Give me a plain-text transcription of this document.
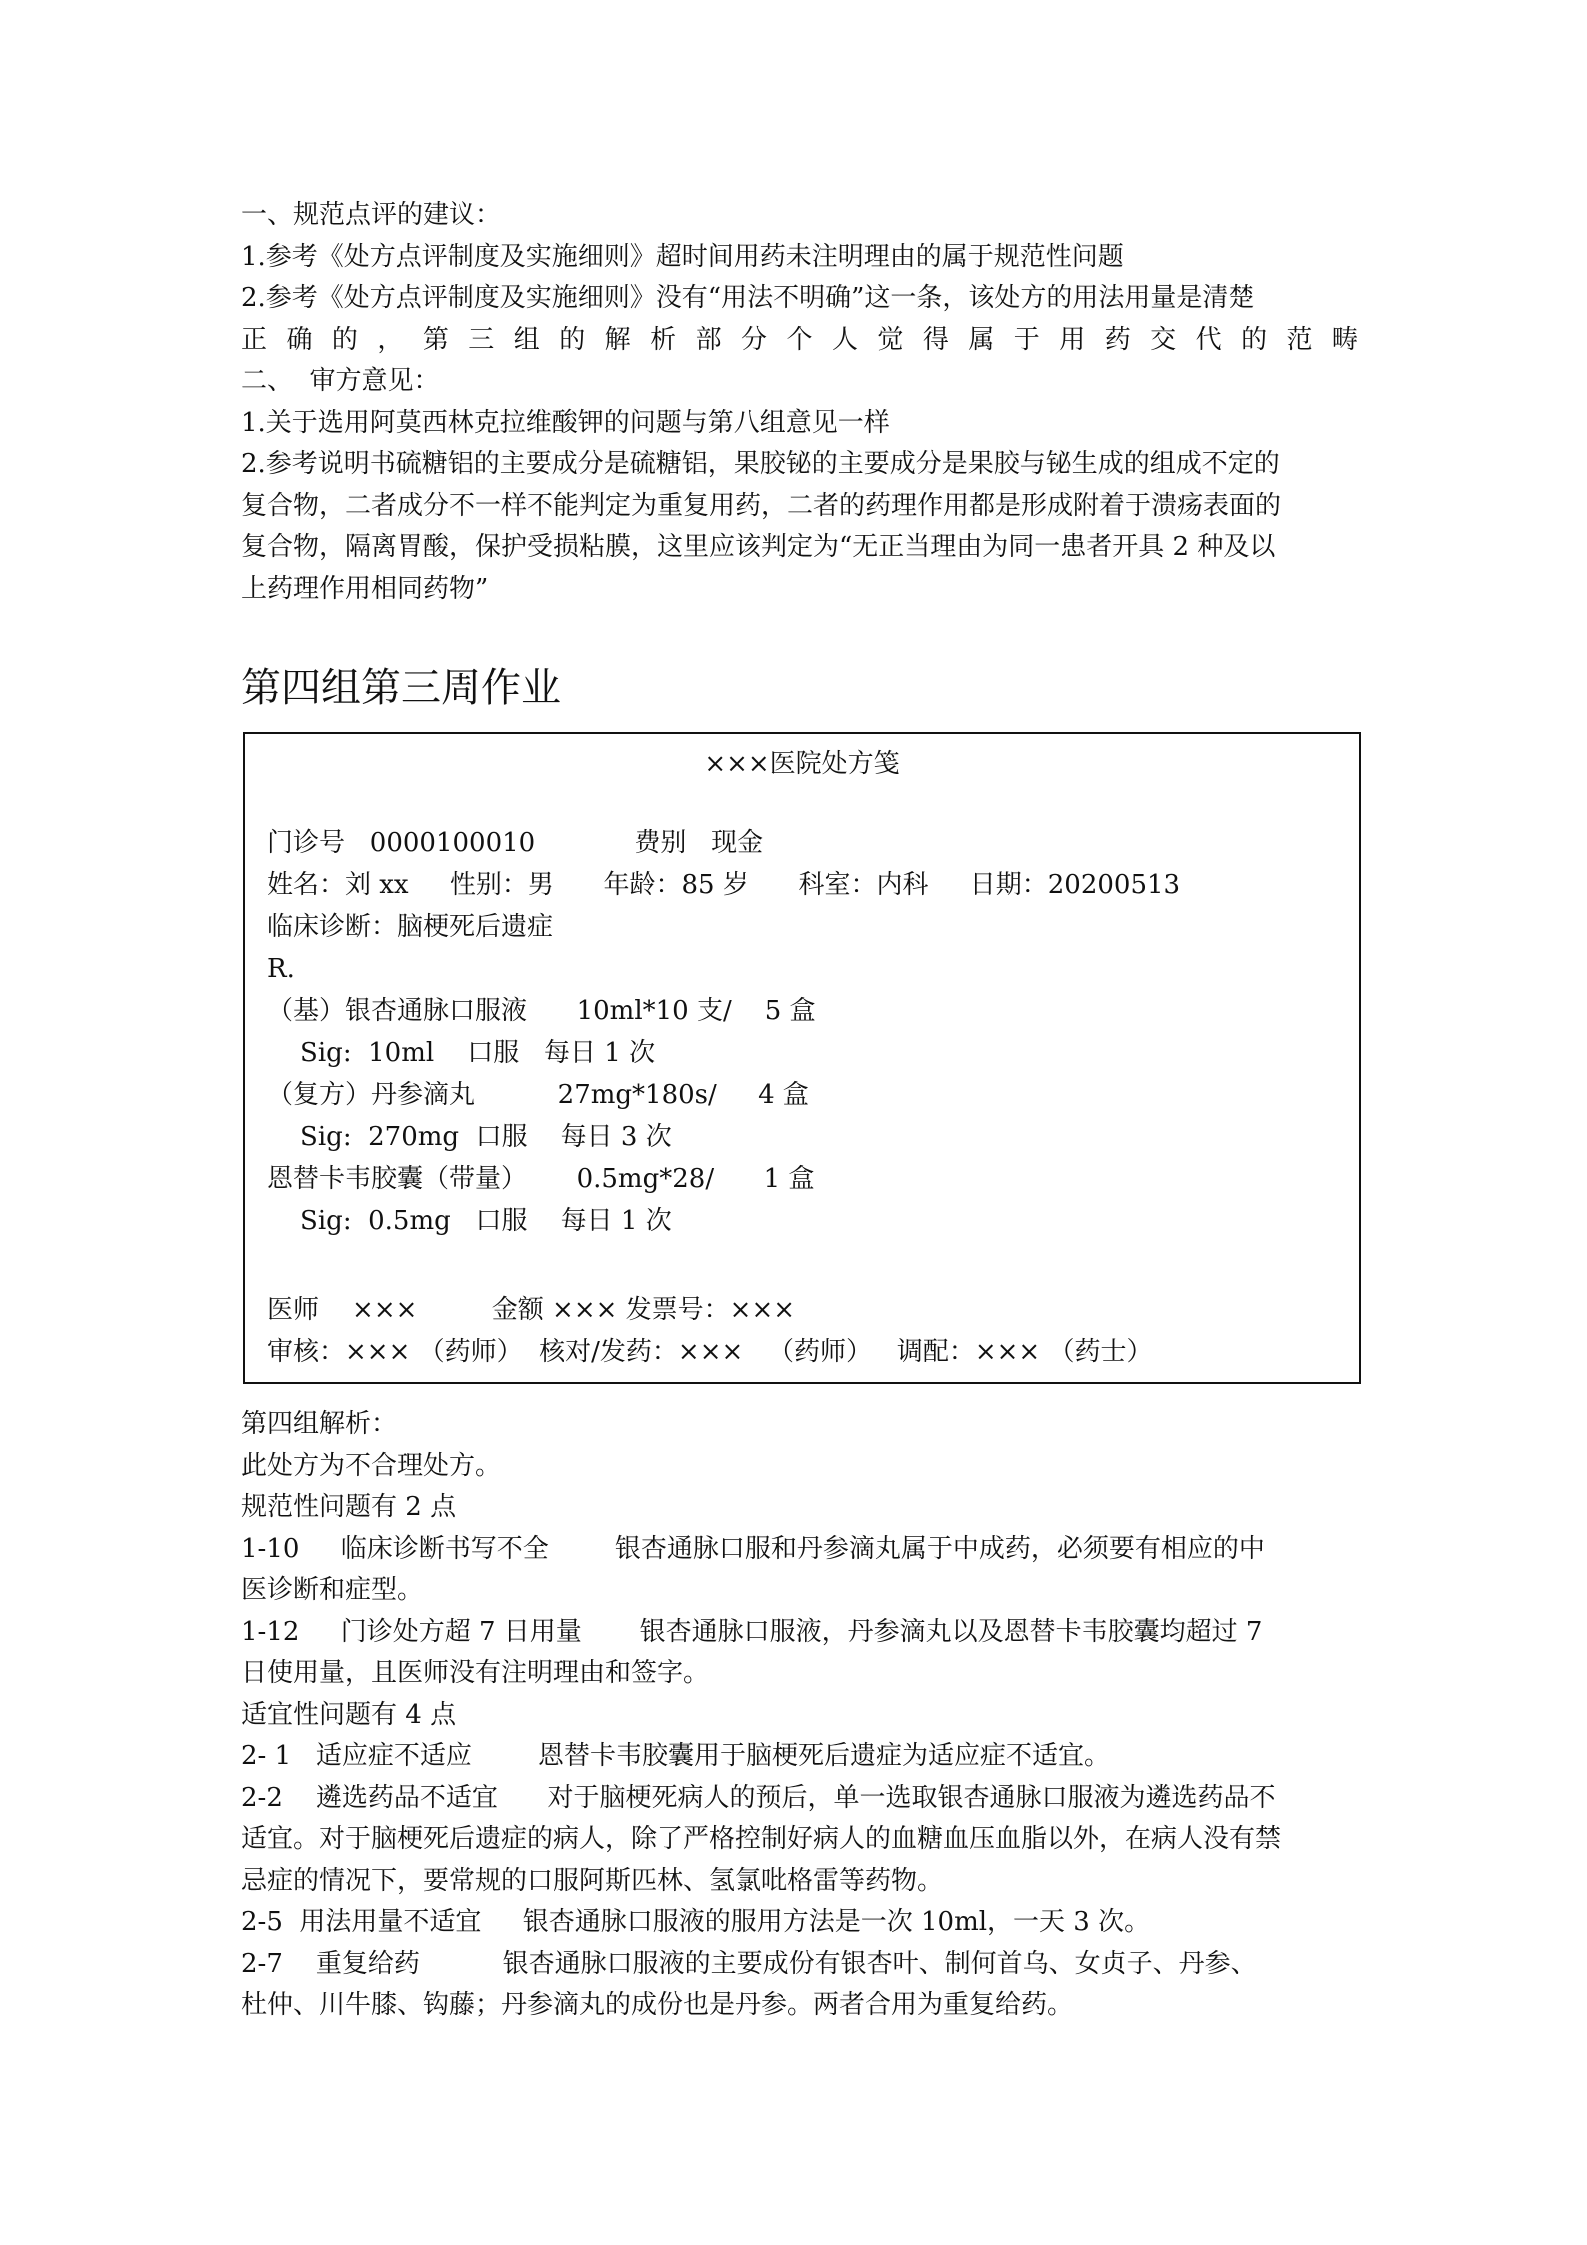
一、规范点评的建议：

1.参考《处方点评制度及实施细则》超时间用药未注明理由的属于规范性问题

2.参考《处方点评制度及实施细则》没有“用法不明确”这一条，该处方的用法用量是清楚

正确的，第三组的解析部分个人觉得属于用药交代的范畴

二、  审方意见：

1.关于选用阿莫西林克拉维酸钾的问题与第八组意见一样

2.参考说明书硫糖铝的主要成分是硫糖铝，果胶铋的主要成分是果胶与铋生成的组成不定的

复合物，二者成分不一样不能判定为重复用药，二者的药理作用都是形成附着于溃疡表面的

复合物，隔离胃酸，保护受损粘膜，这里应该判定为“无正当理由为同一患者开具 2 种及以

上药理作用相同药物”

第四组第三周作业
×××医院处方笺

门诊号   0000100010            费别   现金

姓名：刘 xx     性别：男      年龄：85 岁      科室：内科     日期：20200513

临床诊断：脑梗死后遗症

R.

（基）银杏通脉口服液      10ml*10 支/    5 盒

Sig:  10ml    口服   每日 1 次

（复方）丹参滴丸          27mg*180s/     4 盒

Sig:  270mg  口服    每日 3 次

恩替卡韦胶囊（带量）      0.5mg*28/      1 盒

Sig:  0.5mg   口服    每日 1 次

医师    ×××         金额 ××× 发票号：×××

审核：××× （药师）  核对/发药：×××   （药师）   调配：××× （药士）

第四组解析：

此处方为不合理处方。

规范性问题有 2 点

1-10     临床诊断书写不全        银杏通脉口服和丹参滴丸属于中成药，必须要有相应的中

医诊断和症型。

1-12     门诊处方超 7 日用量       银杏通脉口服液，丹参滴丸以及恩替卡韦胶囊均超过 7

日使用量，且医师没有注明理由和签字。

适宜性问题有 4 点

2- 1   适应症不适应        恩替卡韦胶囊用于脑梗死后遗症为适应症不适宜。

2-2    遴选药品不适宜      对于脑梗死病人的预后，单一选取银杏通脉口服液为遴选药品不

适宜。对于脑梗死后遗症的病人，除了严格控制好病人的血糖血压血脂以外，在病人没有禁

忌症的情况下，要常规的口服阿斯匹林、氢氯吡格雷等药物。

2-5  用法用量不适宜     银杏通脉口服液的服用方法是一次 10ml，一天 3 次。

2-7    重复给药          银杏通脉口服液的主要成份有银杏叶、制何首乌、女贞子、丹参、

杜仲、川牛膝、钩藤；丹参滴丸的成份也是丹参。两者合用为重复给药。
